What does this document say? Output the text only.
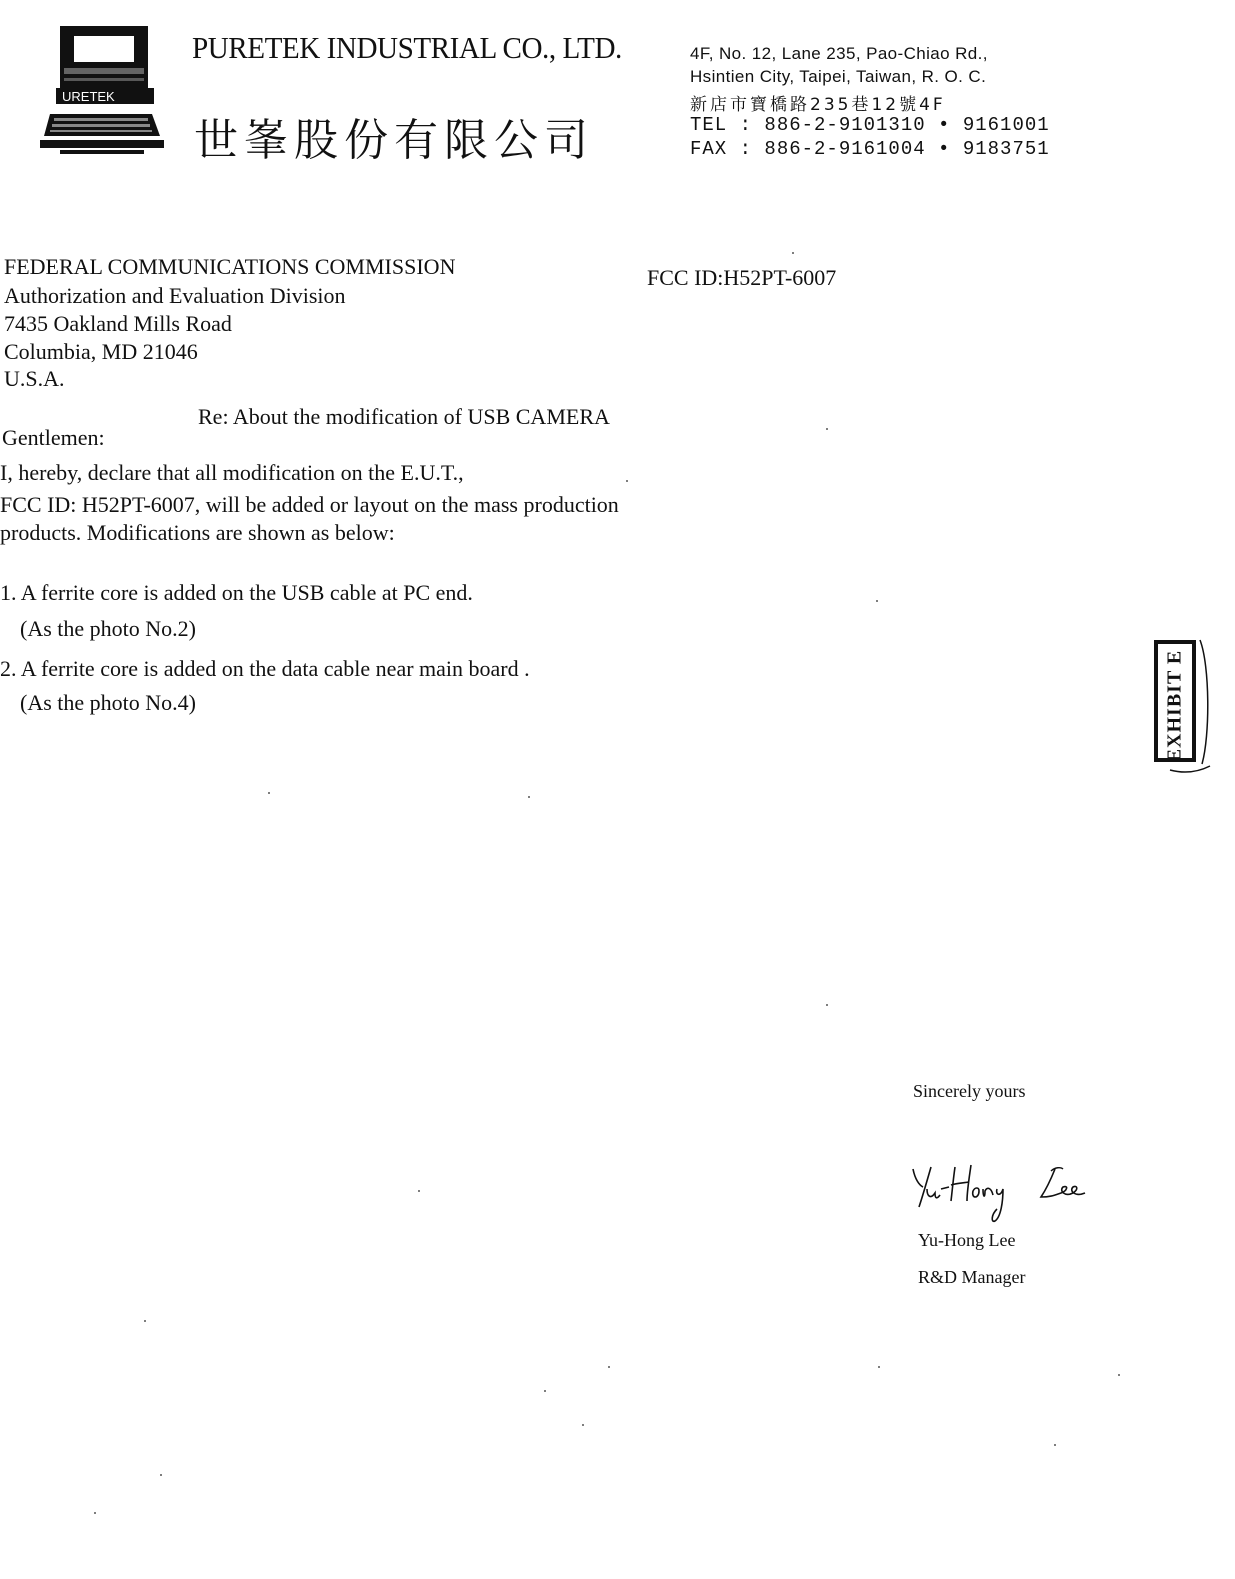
URETEK
PURETEK INDUSTRIAL CO., LTD.
世峯股份有限公司
4F, No. 12, Lane 235, Pao-Chiao Rd.,
Hsintien City, Taipei, Taiwan, R. O. C.
新店市寶橋路235巷12號4F
TEL : 886-2-9101310 • 9161001
FAX : 886-2-9161004 • 9183751
FEDERAL COMMUNICATIONS COMMISSION
Authorization and Evaluation Division
7435 Oakland Mills Road
Columbia, MD 21046
U.S.A.
FCC ID:H52PT-6007
Re: About the modification of USB CAMERA
Gentlemen:
I, hereby, declare that all modification on the E.U.T.,
FCC ID: H52PT-6007, will be added or layout on the mass production
products. Modifications are shown as below:
1. A ferrite core is added on the USB cable at PC end.
(As the photo No.2)
2. A ferrite core is added on the data cable near main board .
(As the photo No.4)	EXHIBIT E
Sincerely yours
Yu-Hong Lee
R&D Manager
